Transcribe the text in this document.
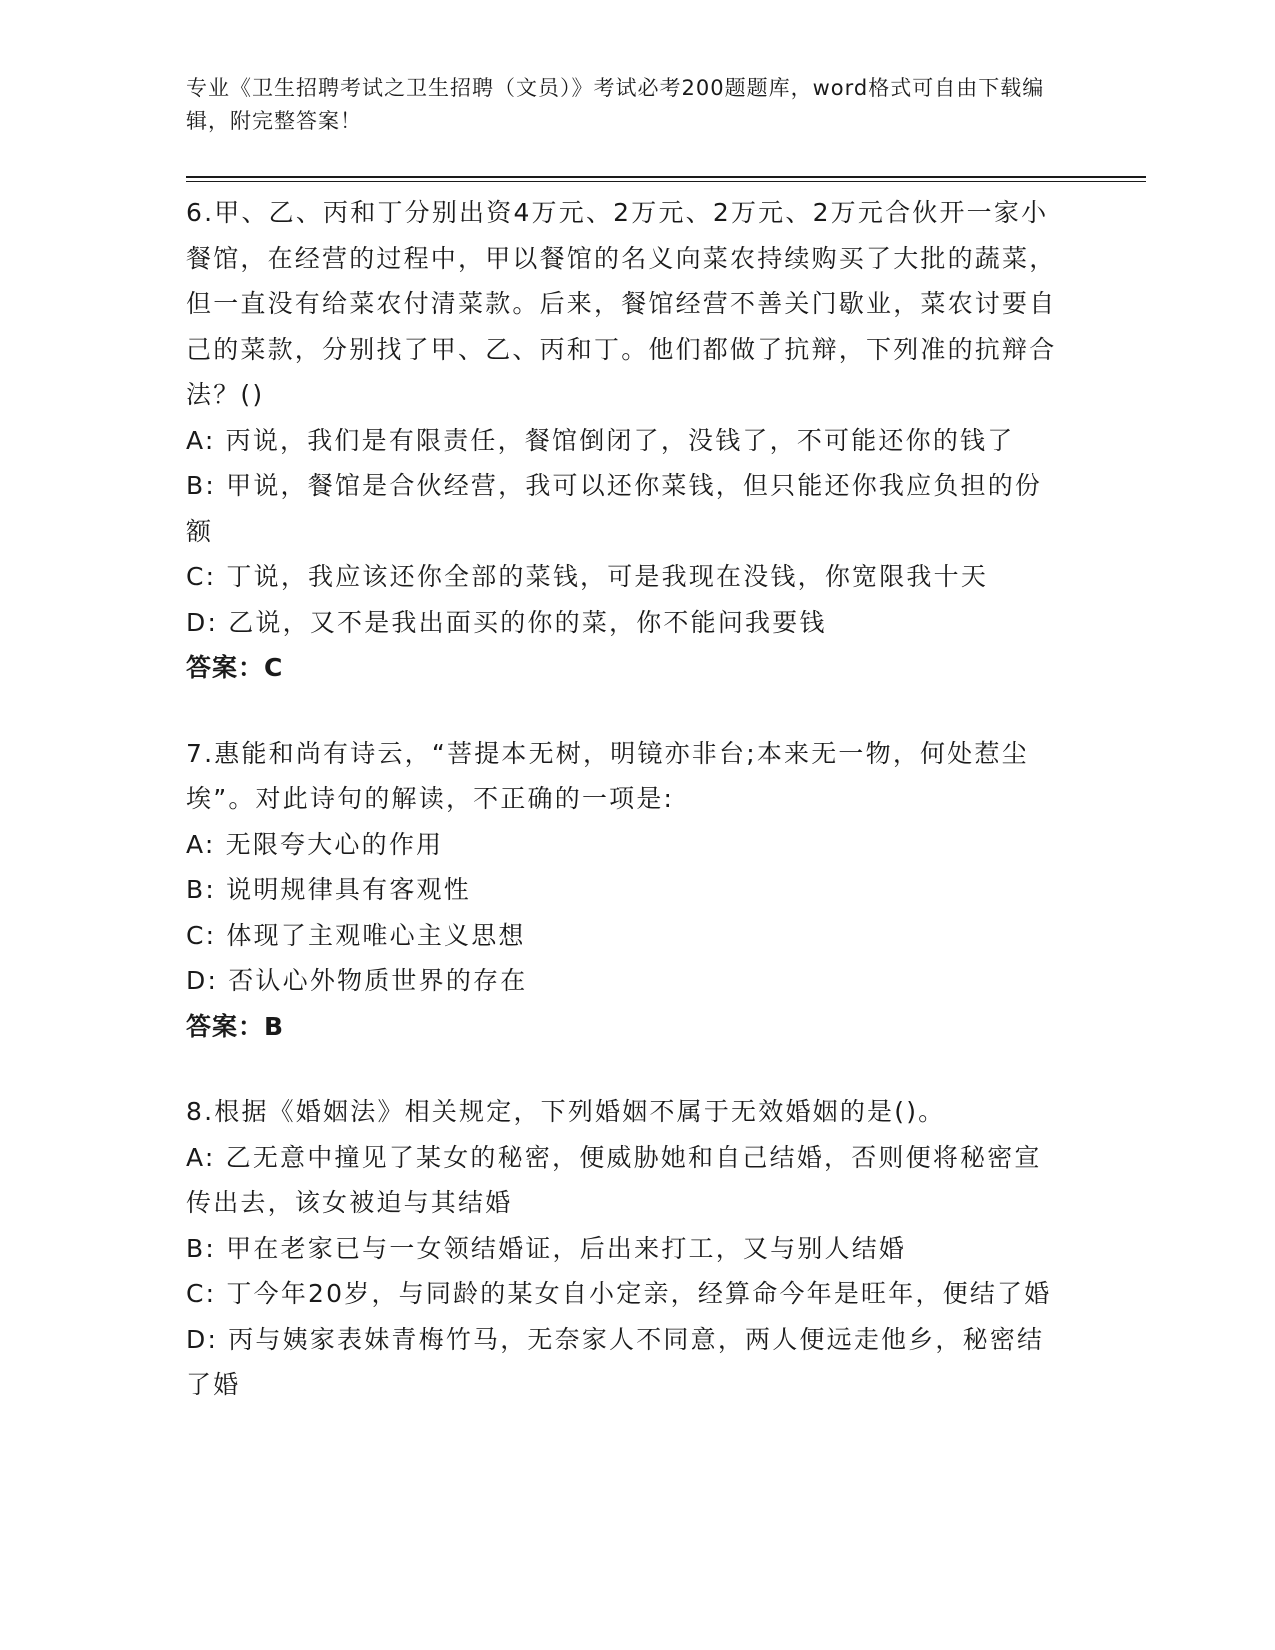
专业《卫生招聘考试之卫生招聘（文员）》考试必考200题题库，word格式可自由下载编辑，附完整答案！
6.甲、乙、丙和丁分别出资4万元、2万元、2万元、2万元合伙开一家小餐馆，在经营的过程中，甲以餐馆的名义向菜农持续购买了大批的蔬菜，但一直没有给菜农付清菜款。后来，餐馆经营不善关门歇业，菜农讨要自己的菜款，分别找了甲、乙、丙和丁。他们都做了抗辩，下列准的抗辩合法？()
A: 丙说，我们是有限责任，餐馆倒闭了，没钱了，不可能还你的钱了
B: 甲说，餐馆是合伙经营，我可以还你菜钱，但只能还你我应负担的份额
C: 丁说，我应该还你全部的菜钱，可是我现在没钱，你宽限我十天
D: 乙说，又不是我出面买的你的菜，你不能问我要钱
答案：C
7.惠能和尚有诗云，“菩提本无树，明镜亦非台;本来无一物，何处惹尘埃”。对此诗句的解读，不正确的一项是:
A: 无限夸大心的作用
B: 说明规律具有客观性
C: 体现了主观唯心主义思想
D: 否认心外物质世界的存在
答案：B
8.根据《婚姻法》相关规定，下列婚姻不属于无效婚姻的是()。
A: 乙无意中撞见了某女的秘密，便威胁她和自己结婚，否则便将秘密宣传出去，该女被迫与其结婚
B: 甲在老家已与一女领结婚证，后出来打工，又与别人结婚
C: 丁今年20岁，与同龄的某女自小定亲，经算命今年是旺年，便结了婚
D: 丙与姨家表妹青梅竹马，无奈家人不同意，两人便远走他乡，秘密结了婚
